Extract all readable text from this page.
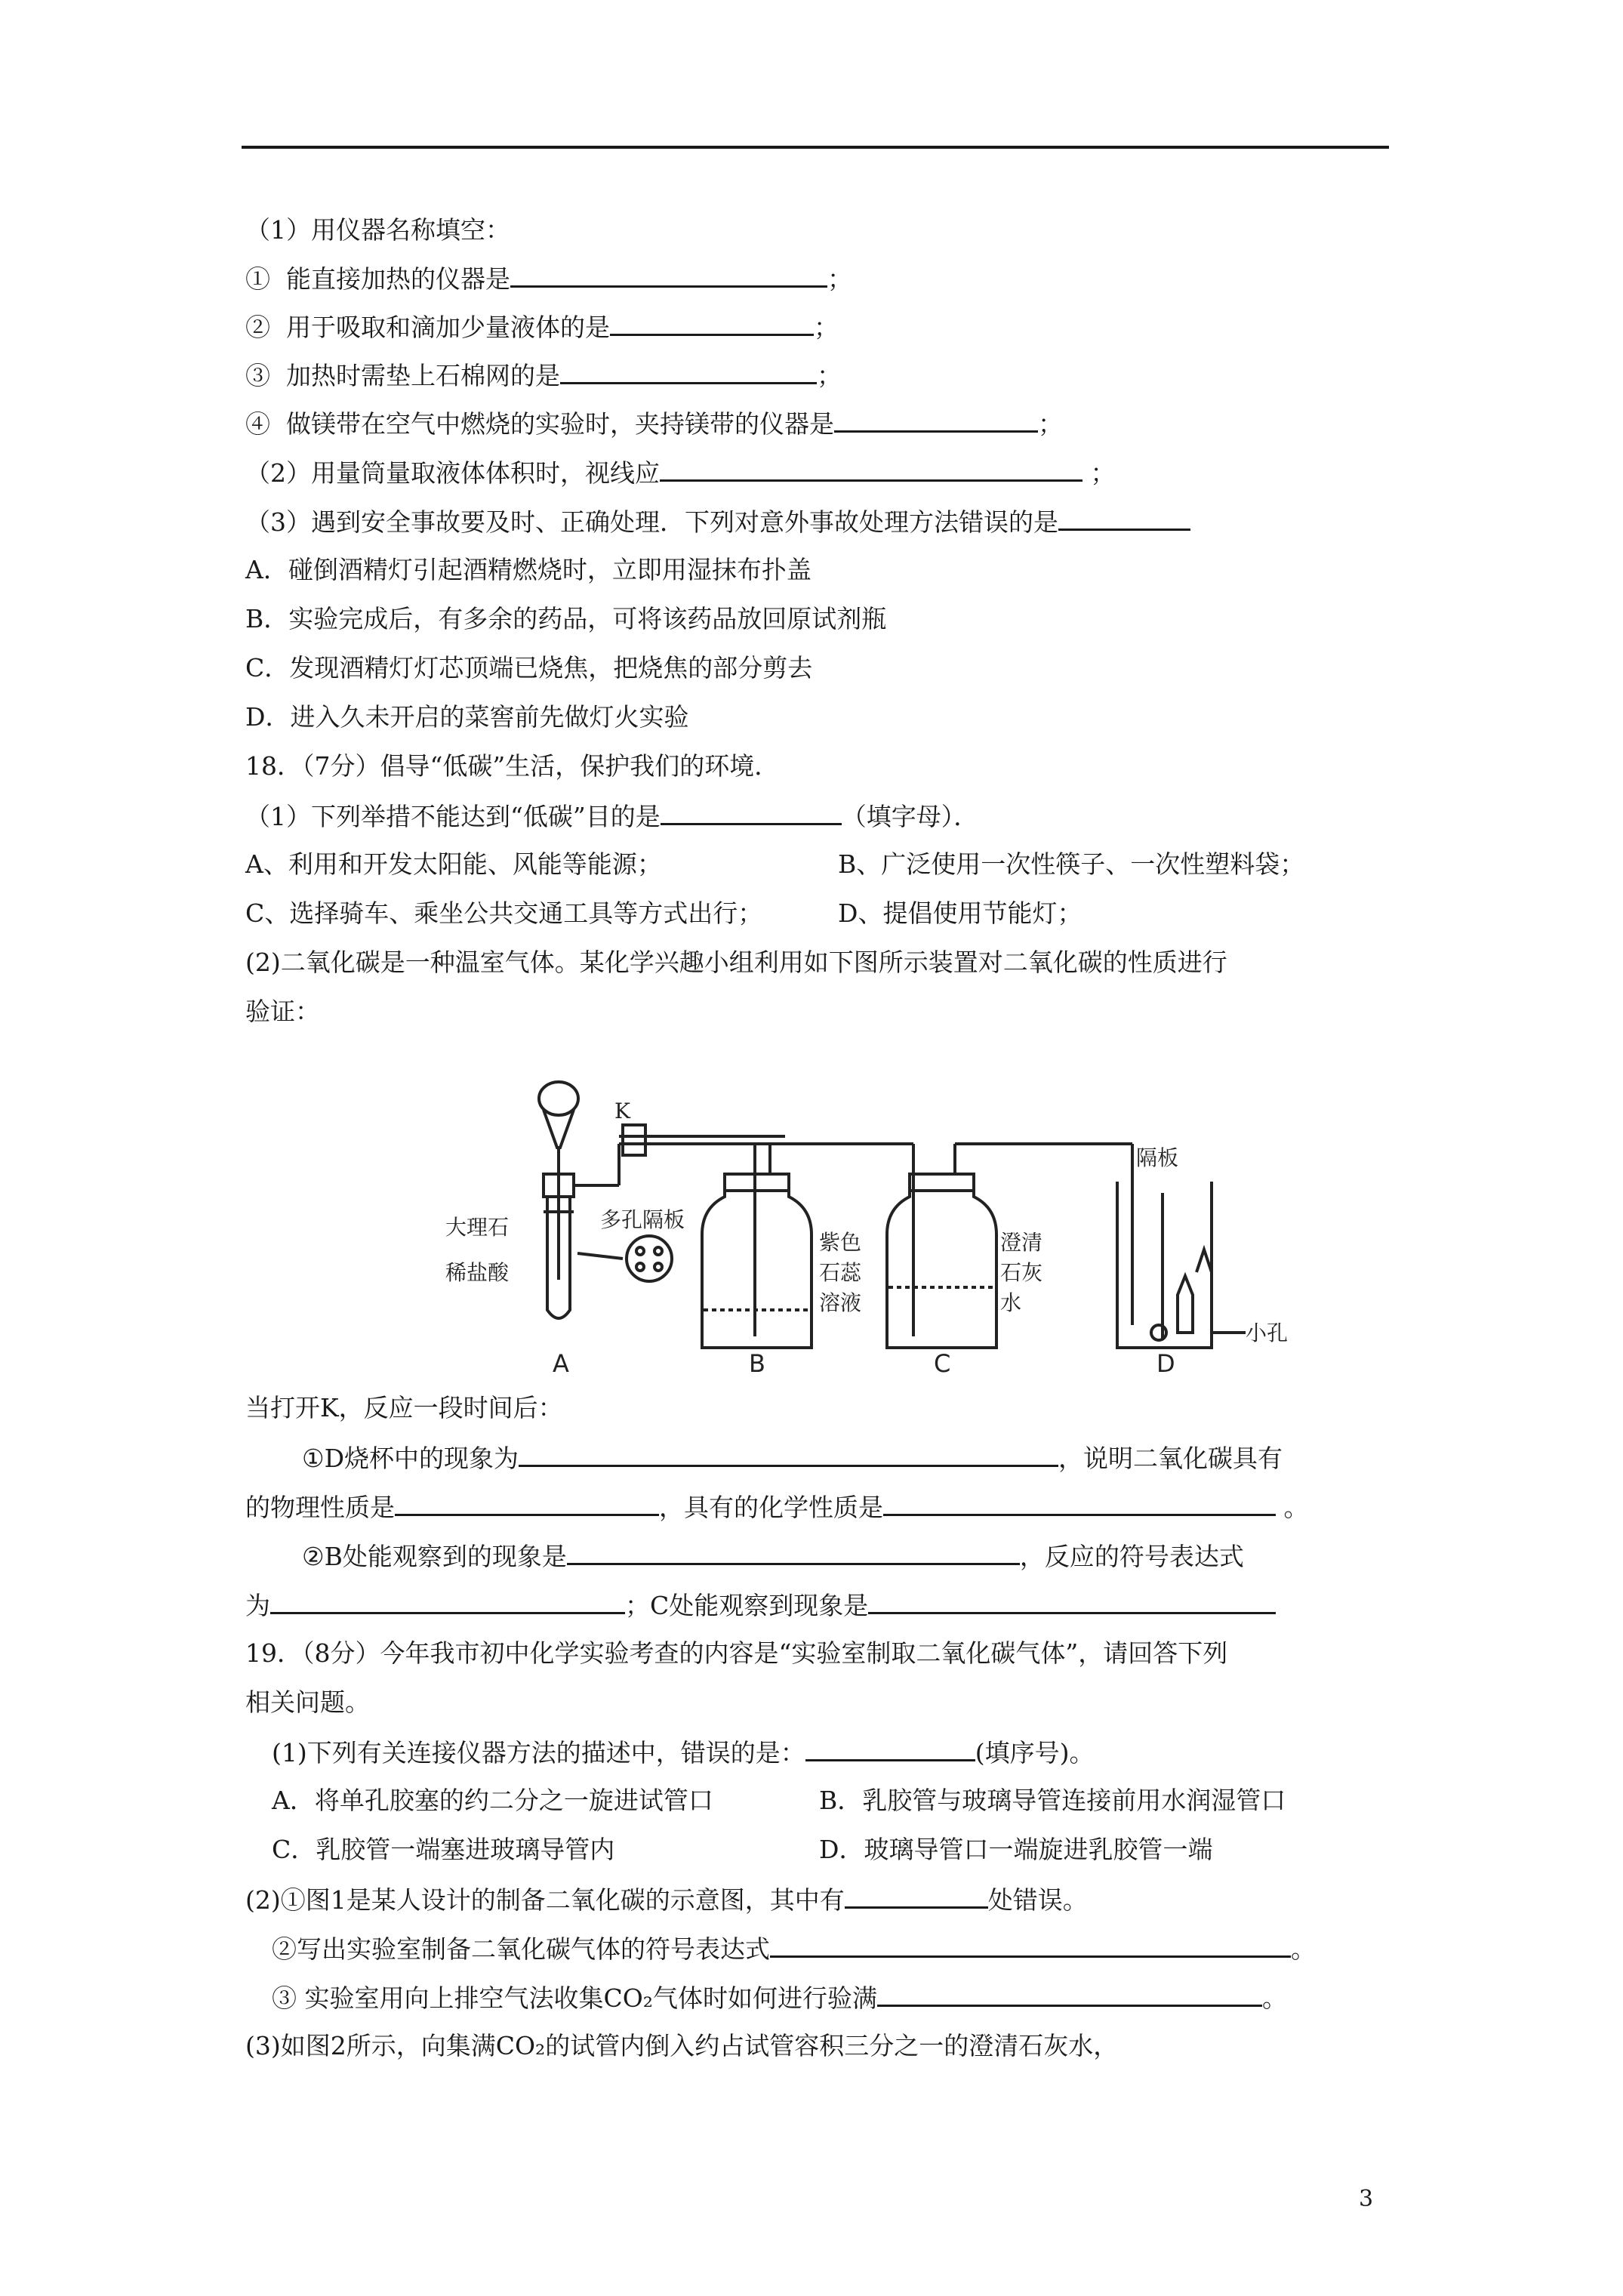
（1）用仪器名称填空：
① 能直接加热的仪器是	；
② 用于吸取和滴加少量液体的是	；
③ 加热时需垫上石棉网的是	；
④ 做镁带在空气中燃烧的实验时，夹持镁带的仪器是	；
（2）用量筒量取液体体积时，视线应	；
（3）遇到安全事故要及时、正确处理．下列对意外事故处理方法错误的是
A．碰倒酒精灯引起酒精燃烧时，立即用湿抹布扑盖
B．实验完成后，有多余的药品，可将该药品放回原试剂瓶
C．发现酒精灯灯芯顶端已烧焦，把烧焦的部分剪去
D．进入久未开启的菜窖前先做灯火实验
18．（7分）倡导“低碳”生活，保护我们的环境．
（1）下列举措不能达到“低碳”目的是	（填字母）．
A、利用和开发太阳能、风能等能源；	B、广泛使用一次性筷子、一次性塑料袋；
C、选择骑车、乘坐公共交通工具等方式出行；	D、提倡使用节能灯；
(2)二氧化碳是一种温室气体。某化学兴趣小组利用如下图所示装置对二氧化碳的性质进行
验证：
K
大理石
稀盐酸
多孔隔板
紫色
石蕊
溶液
澄清
石灰
水
隔板
小孔
A	B	C	D
当打开K，反应一段时间后：
①D烧杯中的现象为	，说明二氧化碳具有
的物理性质是	，具有的化学性质是	。
②B处能观察到的现象是	，反应的符号表达式
为	；C处能观察到现象是
19．（8分）今年我市初中化学实验考查的内容是“实验室制取二氧化碳气体”，请回答下列
相关问题。
(1)下列有关连接仪器方法的描述中，错误的是：	(填序号)。
A．将单孔胶塞的约二分之一旋进试管口	B．乳胶管与玻璃导管连接前用水润湿管口
C．乳胶管一端塞进玻璃导管内	D．玻璃导管口一端旋进乳胶管一端
(2)①图1是某人设计的制备二氧化碳的示意图，其中有	处错误。
②写出实验室制备二氧化碳气体的符号表达式	。
③ 实验室用向上排空气法收集CO₂气体时如何进行验满	。
(3)如图2所示，向集满CO₂的试管内倒入约占试管容积三分之一的澄清石灰水，
3
